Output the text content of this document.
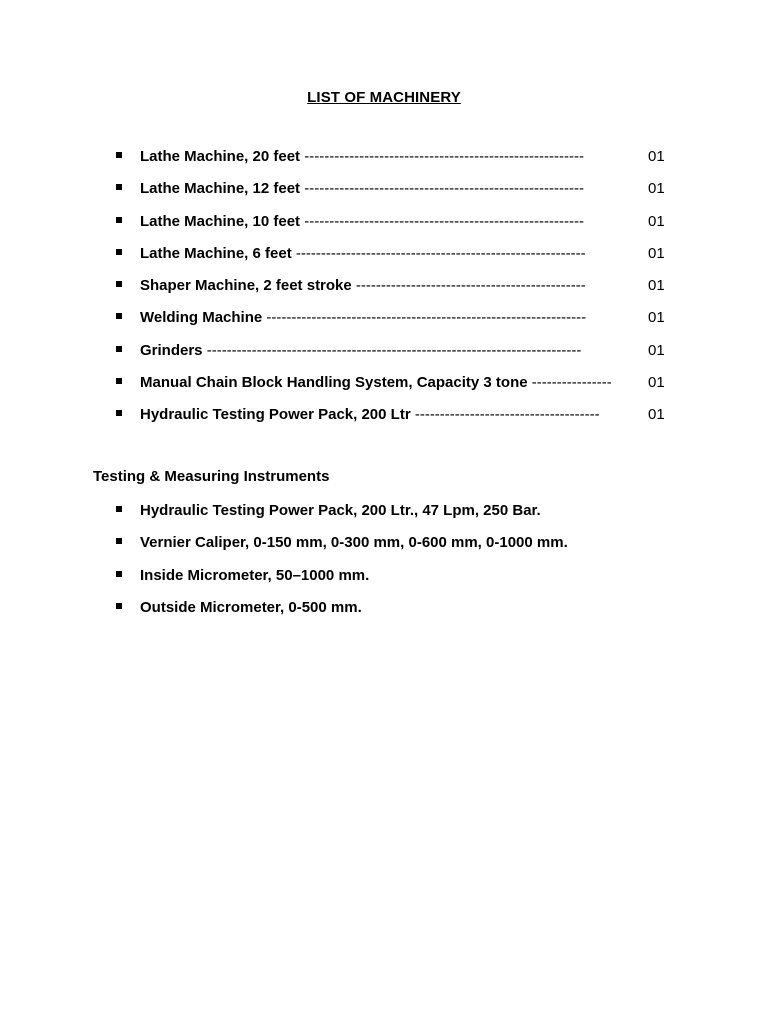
LIST OF MACHINERY
Lathe Machine, 20 feet --------------------------------------------------------	01
Lathe Machine, 12 feet --------------------------------------------------------	01
Lathe Machine, 10 feet --------------------------------------------------------	01
Lathe Machine, 6 feet ----------------------------------------------------------	01
Shaper Machine, 2 feet stroke ----------------------------------------------	01
Welding Machine ----------------------------------------------------------------	01
Grinders ---------------------------------------------------------------------------	01
Manual Chain Block Handling System, Capacity 3 tone ----------------	01
Hydraulic Testing Power Pack, 200 Ltr -------------------------------------	01
Testing & Measuring Instruments
Hydraulic Testing Power Pack, 200 Ltr., 47 Lpm, 250 Bar.
Vernier Caliper, 0-150 mm, 0-300 mm, 0-600 mm, 0-1000 mm.
Inside Micrometer, 50–1000 mm.
Outside Micrometer, 0-500 mm.
